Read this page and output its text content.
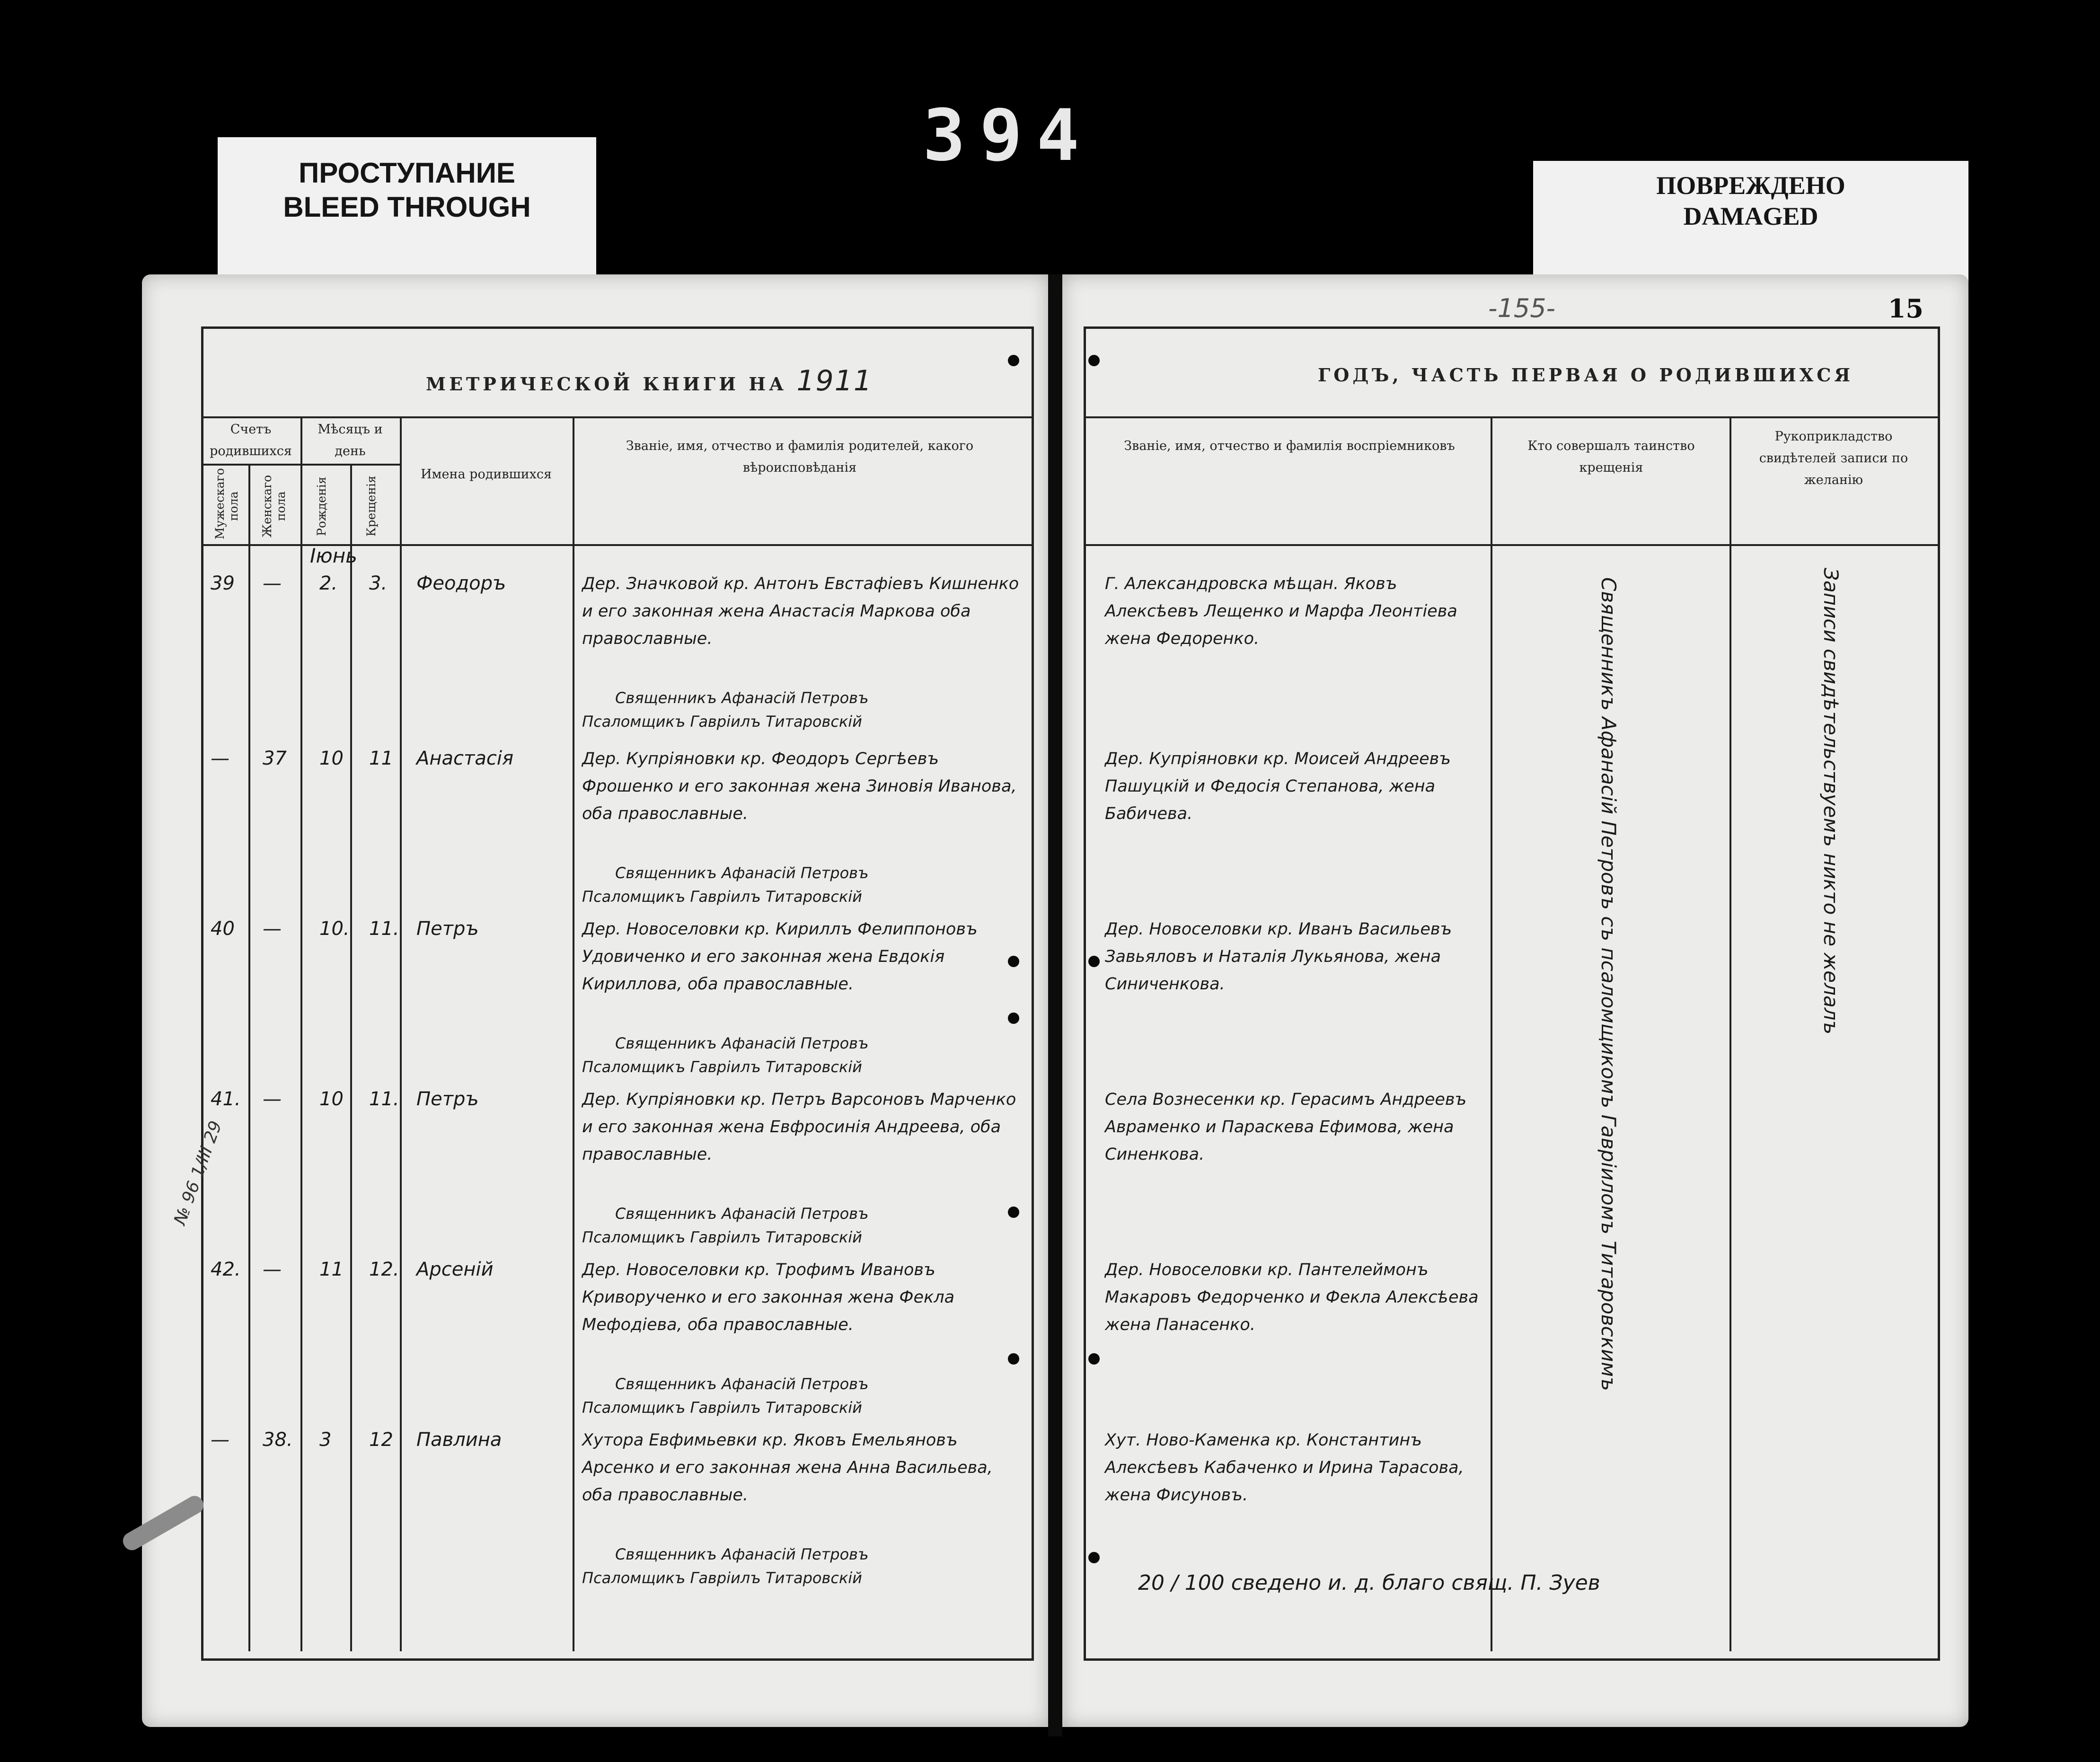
394
ПРОСТУПАНИЕ
BLEED THROUGH
ПОВРЕЖДЕНО
DAMAGED
МЕТРИЧЕСКОЙ КНИГИ НА 1911
Счетъ родившихся
Мужескаго пола Женскаго пола
Мѣсяцъ и день
Рожденія	Крещенія
Имена родившихся
Званіе, имя, отчество и фамилія родителей, какого вѣроисповѣданія
Іюнь
39 — 2. 3. Феодоръ	Дер. Значковой кр. Антонъ Евстафіевъ Кишненко и его законная жена Анастасія Маркова оба православные.
Священникъ Афанасій Петровъ
Псаломщикъ Гавріилъ Титаровскій
— 37 10 11 Анастасія	Дер. Купріяновки кр. Феодоръ Сергѣевъ Фрошенко и его законная жена Зиновія Иванова, оба православные.
Священникъ Афанасій Петровъ
Псаломщикъ Гавріилъ Титаровскій
40 — 10. 11. Петръ	Дер. Новоселовки кр. Кириллъ Фелиппоновъ Удовиченко и его законная жена Евдокія Кириллова, оба православные.
Священникъ Афанасій Петровъ
Псаломщикъ Гавріилъ Титаровскій
41. — 10 11. Петръ	Дер. Купріяновки кр. Петръ Варсоновъ Марченко и его законная жена Евфросинія Андреева, оба православные.
Священникъ Афанасій Петровъ
Псаломщикъ Гавріилъ Титаровскій
42. — 11 12. Арсеній	Дер. Новоселовки кр. Трофимъ Ивановъ Криворученко и его законная жена Фекла Мефодіева, оба православные.
Священникъ Афанасій Петровъ
Псаломщикъ Гавріилъ Титаровскій
— 38. 3 12 Павлина	Хутора Евфимьевки кр. Яковъ Емельяновъ Арсенко и его законная жена Анна Васильева, оба православные.
Священникъ Афанасій Петровъ
Псаломщикъ Гавріилъ Титаровскій
№ 96 1/III 29
15
-155-
ГОДЪ, ЧАСТЬ ПЕРВАЯ О РОДИВШИХСЯ
Званіе, имя, отчество и фамилія воспріемниковъ	Кто совершалъ таинство крещенія
Рукоприкладство свидѣтелей записи по желанію
Г. Александровска мѣщан. Яковъ Алексѣевъ Лещенко и Марфа Леонтіева жена Федоренко.
Дер. Купріяновки кр. Моисей Андреевъ Пашуцкій и Федосія Степанова, жена Бабичева.
Дер. Новоселовки кр. Иванъ Васильевъ Завьяловъ и Наталія Лукьянова, жена Синиченкова.
Села Вознесенки кр. Герасимъ Андреевъ Авраменко и Параскева Ефимова, жена Синенкова.
Дер. Новоселовки кр. Пантелеймонъ Макаровъ Федорченко и Фекла Алексѣева жена Панасенко.
Хут. Ново-Каменка кр. Константинъ Алексѣевъ Кабаченко и Ирина Тарасова, жена Фисуновъ.
Священникъ Афанасій Петровъ съ псаломщикомъ Гавріиломъ Титаровскимъ	Записи свидѣтельствуемъ никто не желалъ
20 / 100 сведено и. д. благо свящ. П. Зуев
